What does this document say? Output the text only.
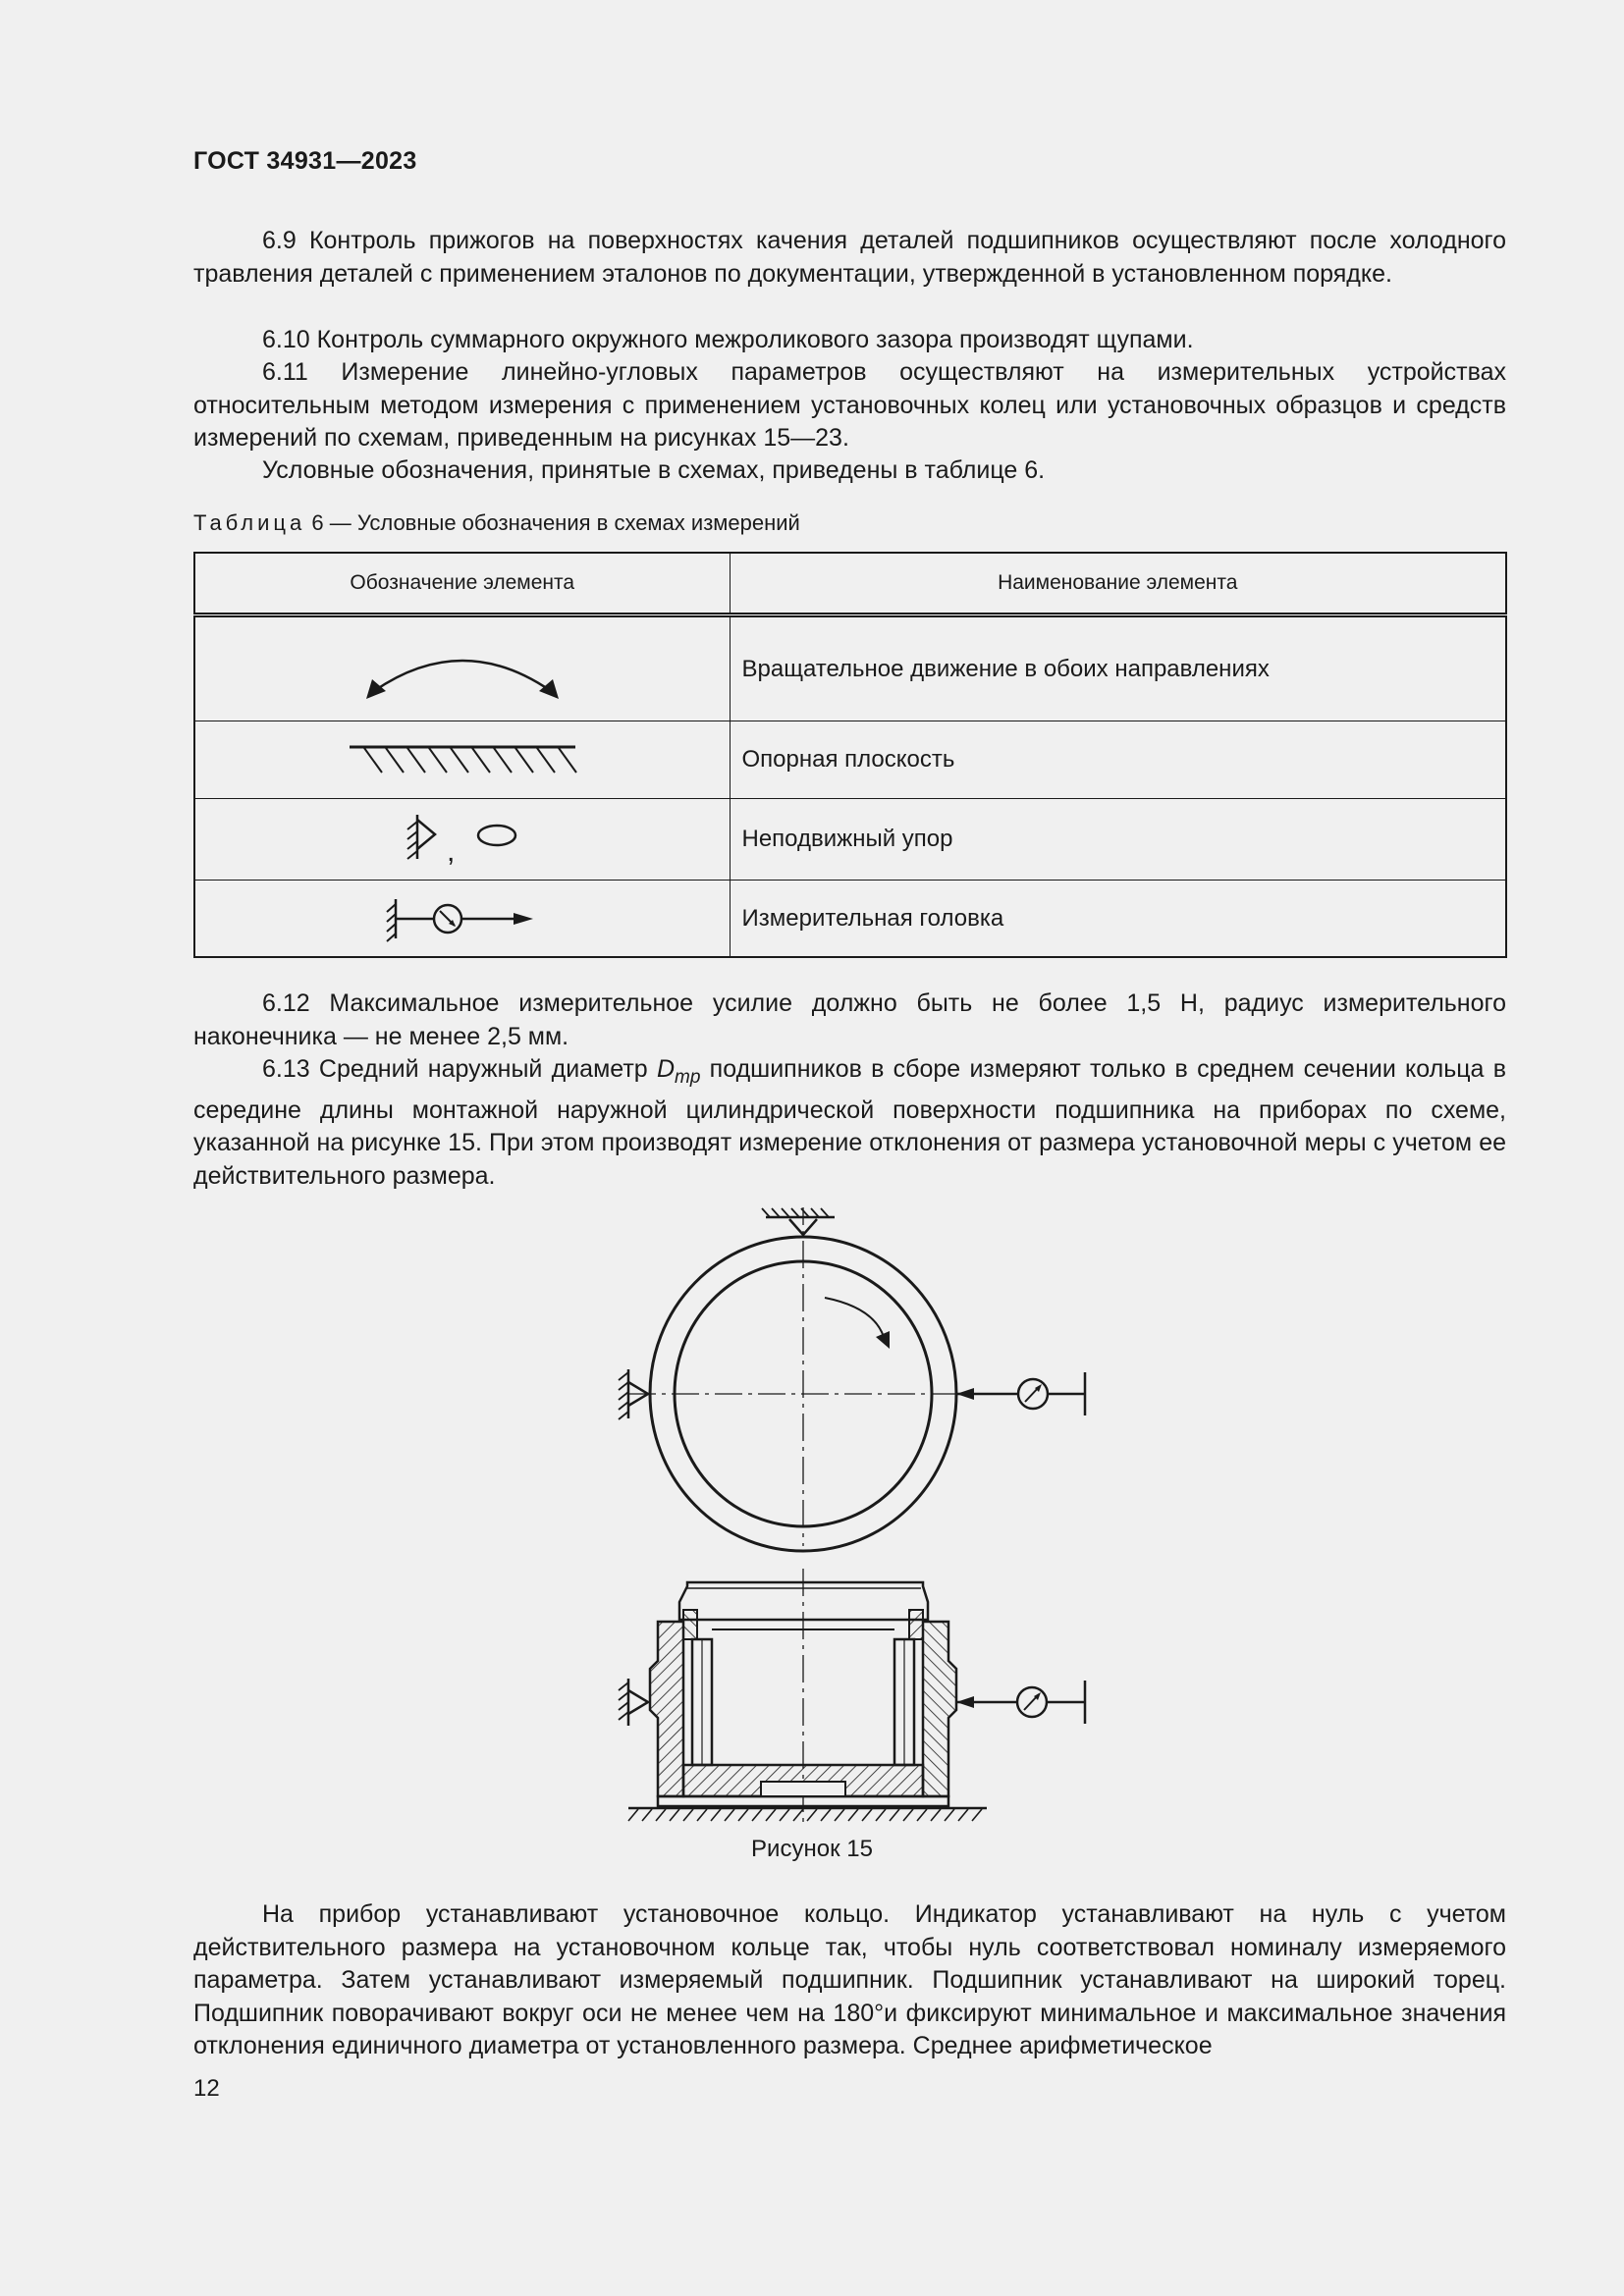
ГОСТ 34931—2023

6.9 Контроль прижогов на поверхностях качения деталей подшипников осуществляют после холодного травления деталей с применением эталонов по документации, утвержденной в установленном порядке.

6.10 Контроль суммарного окружного межроликового зазора производят щупами.

6.11 Измерение линейно-угловых параметров осуществляют на измерительных устройствах относительным методом измерения с применением установочных колец или установочных образцов и средств измерений по схемам, приведенным на рисунках 15—23.

Условные обозначения, принятые в схемах, приведены в таблице 6.

Таблица 6 — Условные обозначения в схемах измерений
Обозначение элемента	Наименование элемента

	Вращательное движение в обоих направлениях

	Опорная плоскость

,	Неподвижный упор

	Измерительная головка

6.12 Максимальное измерительное усилие должно быть не более 1,5 Н, радиус измерительного наконечника — не менее 2,5 мм.

6.13 Средний наружный диаметр $D_{mp}$ подшипников в сборе измеряют только в среднем сечении кольца в середине длины монтажной наружной цилиндрической поверхности подшипника на приборах по схеме, указанной на рисунке 15. При этом производят измерение отклонения от размера установочной меры с учетом ее действительного размера.

Рисунок 15

На прибор устанавливают установочное кольцо. Индикатор устанавливают на нуль с учетом действительного размера на установочном кольце так, чтобы нуль соответствовал номиналу измеряемого параметра. Затем устанавливают измеряемый подшипник. Подшипник устанавливают на широкий торец. Подшипник поворачивают вокруг оси не менее чем на 180°и фиксируют минимальное и максимальное значения отклонения единичного диаметра от установленного размера. Среднее арифметическое

12
